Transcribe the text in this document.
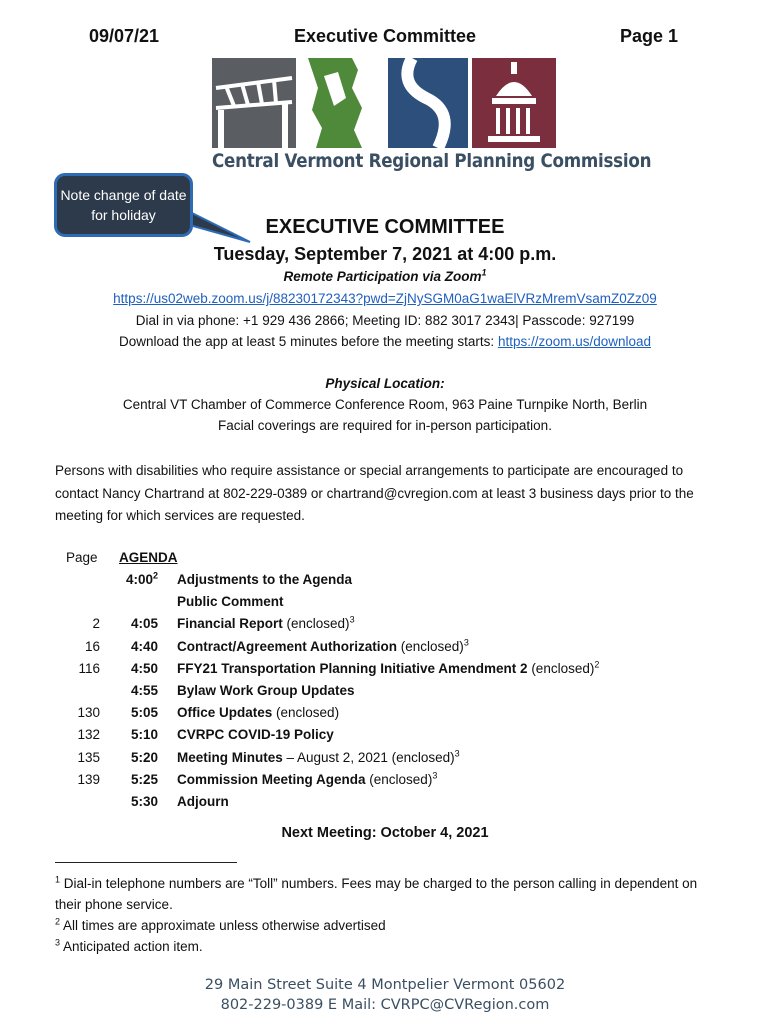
09/07/21	Executive Committee	Page 1
Central Vermont Regional Planning Commission
Note change of date for holiday
EXECUTIVE COMMITTEE
Tuesday, September 7, 2021 at 4:00 p.m.
Remote Participation via Zoom$^1$
https://us02web.zoom.us/j/88230172343?pwd=ZjNySGM0aG1waElVRzMremVsamZ0Zz09
Dial in via phone: +1 929 436 2866; Meeting ID: 882 3017 2343| Passcode: 927199
Download the app at least 5 minutes before the meeting starts: https://zoom.us/download
Physical Location:
Central VT Chamber of Commerce Conference Room, 963 Paine Turnpike North, Berlin
Facial coverings are required for in-person participation.
Persons with disabilities who require assistance or special arrangements to participate are encouraged to contact Nancy Chartrand at 802-229-0389 or chartrand@cvregion.com at least 3 business days prior to the meeting for which services are requested.
Page AGENDA
$4:00^2$ Adjustments to the Agenda
Public Comment
2	4:05 Financial Report (enclosed)$^3$
16	4:40 Contract/Agreement Authorization (enclosed)$^3$
116	4:50 FFY21 Transportation Planning Initiative Amendment 2 (enclosed)$^2$
4:55 Bylaw Work Group Updates
130	5:05 Office Updates (enclosed)
132	5:10 CVRPC COVID-19 Policy
135	5:20 Meeting Minutes – August 2, 2021 (enclosed)$^3$
139	5:25 Commission Meeting Agenda (enclosed)$^3$
5:30 Adjourn
Next Meeting: October 4, 2021

$^1$ Dial-in telephone numbers are “Toll” numbers. Fees may be charged to the person calling in dependent on their phone service.

$^2$ All times are approximate unless otherwise advertised

$^3$ Anticipated action item.

29 Main Street Suite 4 Montpelier Vermont 05602
802-229-0389 E Mail: CVRPC@CVRegion.com
